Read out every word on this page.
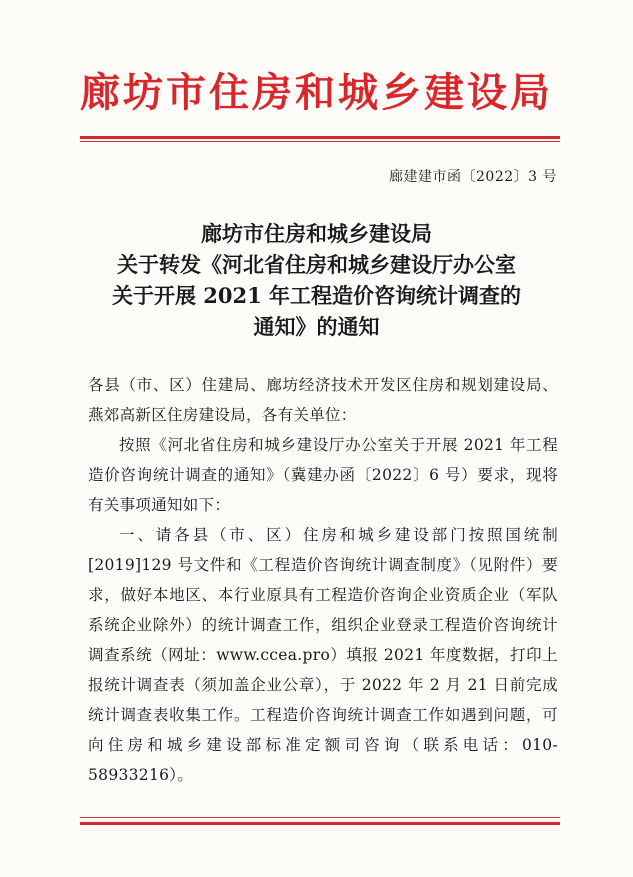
廊坊市住房和城乡建设局
廊建建市函〔2022〕3 号
廊坊市住房和城乡建设局
关于转发《河北省住房和城乡建设厅办公室
关于开展 2021 年工程造价咨询统计调查的
通知》的通知

各县（市、区）住建局、廊坊经济技术开发区住房和规划建设局、燕郊高新区住房建设局，各有关单位：

按照《河北省住房和城乡建设厅办公室关于开展 2021 年工程造价咨询统计调查的通知》（冀建办函〔2022〕6 号）要求，现将有关事项通知如下：

一、请各县（市、区）住房和城乡建设部门按照国统制[2019]129 号文件和《工程造价咨询统计调查制度》（见附件）要求，做好本地区、本行业原具有工程造价咨询企业资质企业（军队系统企业除外）的统计调查工作，组织企业登录工程造价咨询统计调查系统（网址：www.ccea.pro）填报 2021 年度数据，打印上报统计调查表（须加盖企业公章），于 2022 年 2 月 21 日前完成统计调查表收集工作。工程造价咨询统计调查工作如遇到问题，可向住房和城乡建设部标准定额司咨询（联系电话：010-58933216）。
